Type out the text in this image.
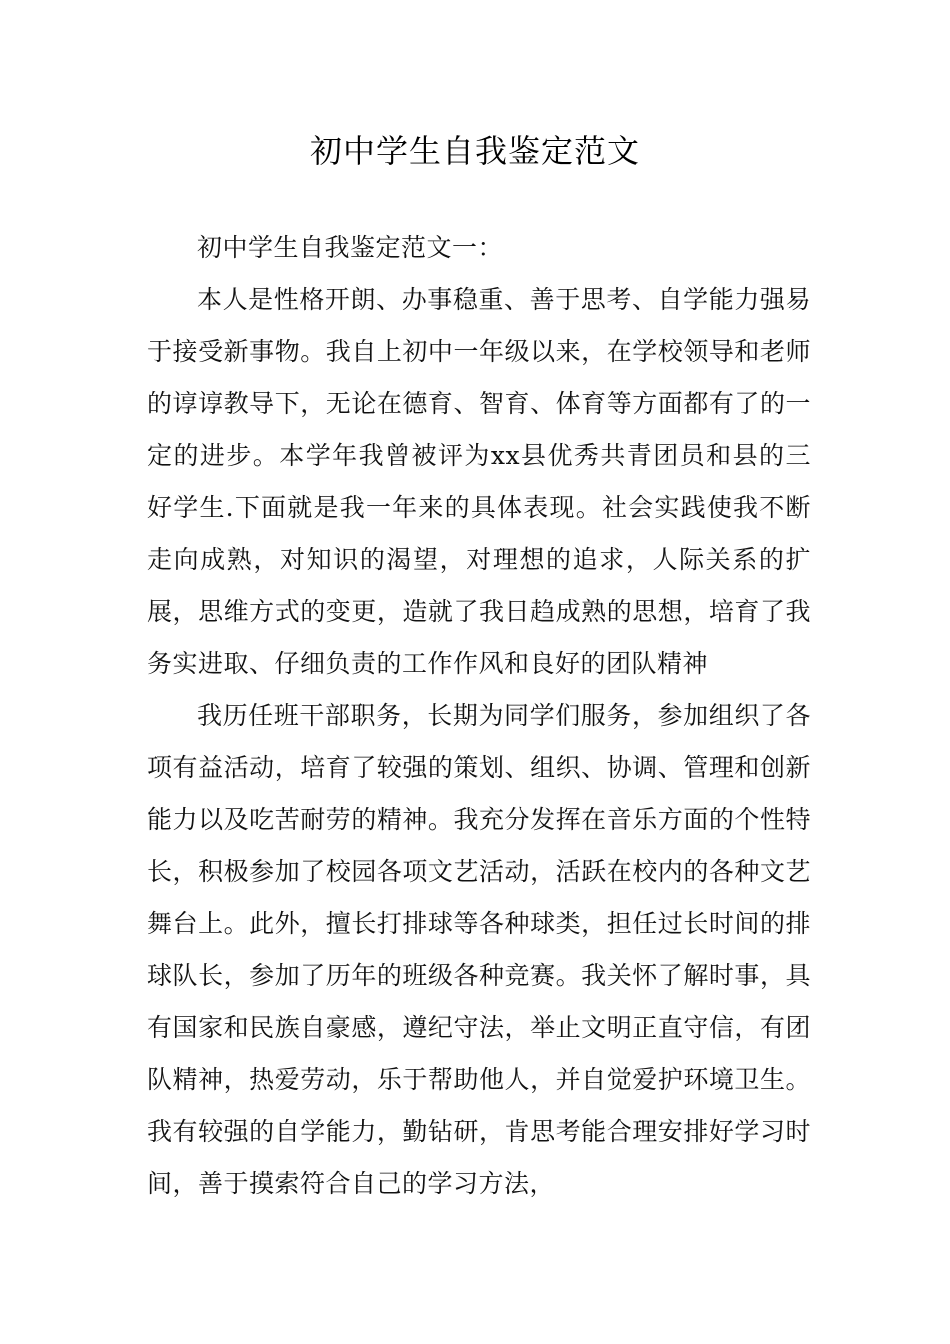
初中学生自我鉴定范文

初中学生自我鉴定范文一：

本人是性格开朗、办事稳重、善于思考、自学能力强易于接受新事物。我自上初中一年级以来，在学校领导和老师的谆谆教导下，无论在德育、智育、体育等方面都有了的一定的进步。本学年我曾被评为xx县优秀共青团员和县的三好学生.下面就是我一年来的具体表现。社会实践使我不断走向成熟，对知识的渴望，对理想的追求，人际关系的扩展，思维方式的变更，造就了我日趋成熟的思想，培育了我务实进取、仔细负责的工作作风和良好的团队精神

我历任班干部职务，长期为同学们服务，参加组织了各项有益活动，培育了较强的策划、组织、协调、管理和创新能力以及吃苦耐劳的精神。我充分发挥在音乐方面的个性特长，积极参加了校园各项文艺活动，活跃在校内的各种文艺舞台上。此外，擅长打排球等各种球类，担任过长时间的排球队长，参加了历年的班级各种竞赛。我关怀了解时事，具有国家和民族自豪感，遵纪守法，举止文明正直守信，有团队精神，热爱劳动，乐于帮助他人，并自觉爱护环境卫生。我有较强的自学能力，勤钻研，肯思考能合理安排好学习时间，善于摸索符合自己的学习方法，
